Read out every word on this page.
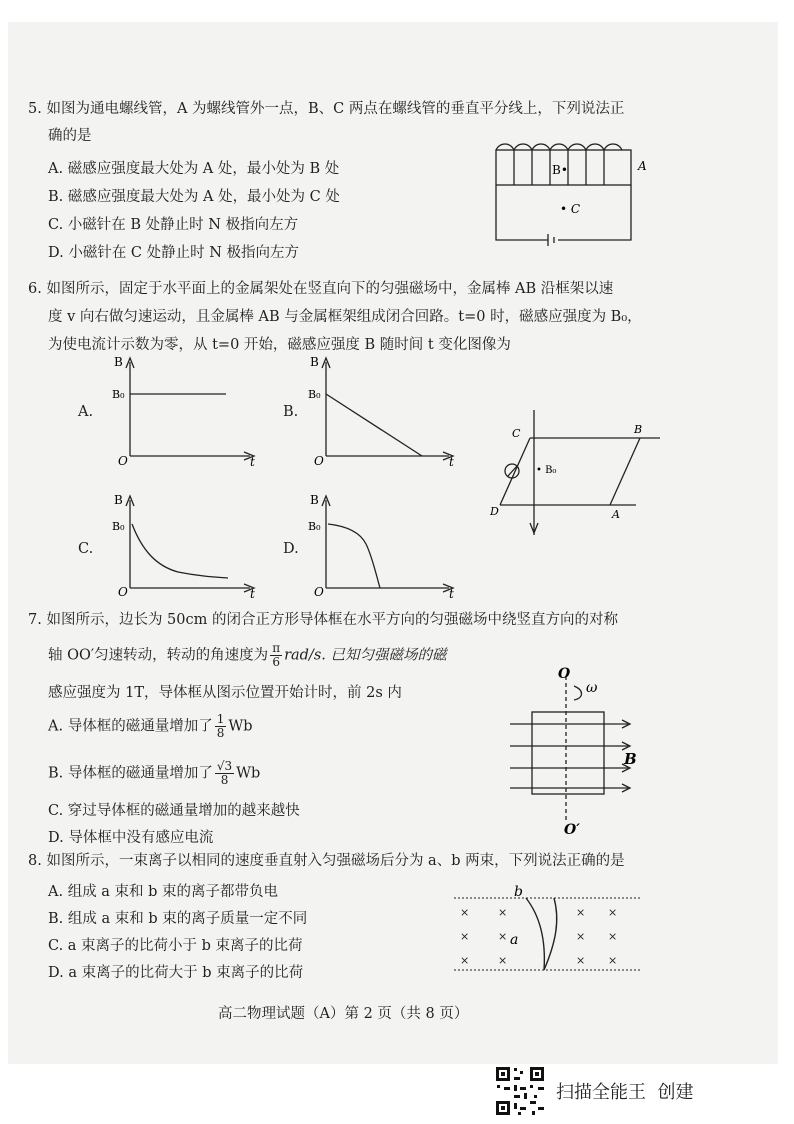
5. 如图为通电螺线管，A 为螺线管外一点，B、C 两点在螺线管的垂直平分线上，下列说法正
确的是
A. 磁感应强度最大处为 A 处，最小处为 B 处
B. 磁感应强度最大处为 A 处，最小处为 C 处
C. 小磁针在 B 处静止时 N 极指向左方
D. 小磁针在 C 处静止时 N 极指向左方
B•
• C
A
6. 如图所示，固定于水平面上的金属架处在竖直向下的匀强磁场中，金属棒 AB 沿框架以速
度 v 向右做匀速运动，且金属棒 AB 与金属框架组成闭合回路。t=0 时，磁感应强度为 B₀，
为使电流计示数为零，从 t=0 开始，磁感应强度 B 随时间 t 变化图像为
A.
B
B₀
O	t
B.
B
B₀
O	t
C.
B
B₀
O	t
D.
B
B₀
O	t
C	B
D	A
• B₀
7. 如图所示，边长为 50cm 的闭合正方形导体框在水平方向的匀强磁场中绕竖直方向的对称
轴 OO′匀速转动，转动的角速度为 $\frac{\pi}{6} rad/s$. 已知匀强磁场的磁
感应强度为 1T，导体框从图示位置开始计时，前 2s 内
A. 导体框的磁通量增加了 $\frac{1}{8}$ Wb
B. 导体框的磁通量增加了 $\frac{√3}{8}$ Wb
C. 穿过导体框的磁通量增加的越来越快
D. 导体框中没有感应电流
O
ω
B
O′
8. 如图所示，一束离子以相同的速度垂直射入匀强磁场后分为 a、b 两束，下列说法正确的是
A. 组成 a 束和 b 束的离子都带负电
B. 组成 a 束和 b 束的离子质量一定不同
C. a 束离子的比荷小于 b 束离子的比荷
D. a 束离子的比荷大于 b 束离子的比荷
×	×	× ×
×	×	× ×
×	×	× ×
b
a
高二物理试题（A）第 2 页（共 8 页）
扫描全能王  创建
